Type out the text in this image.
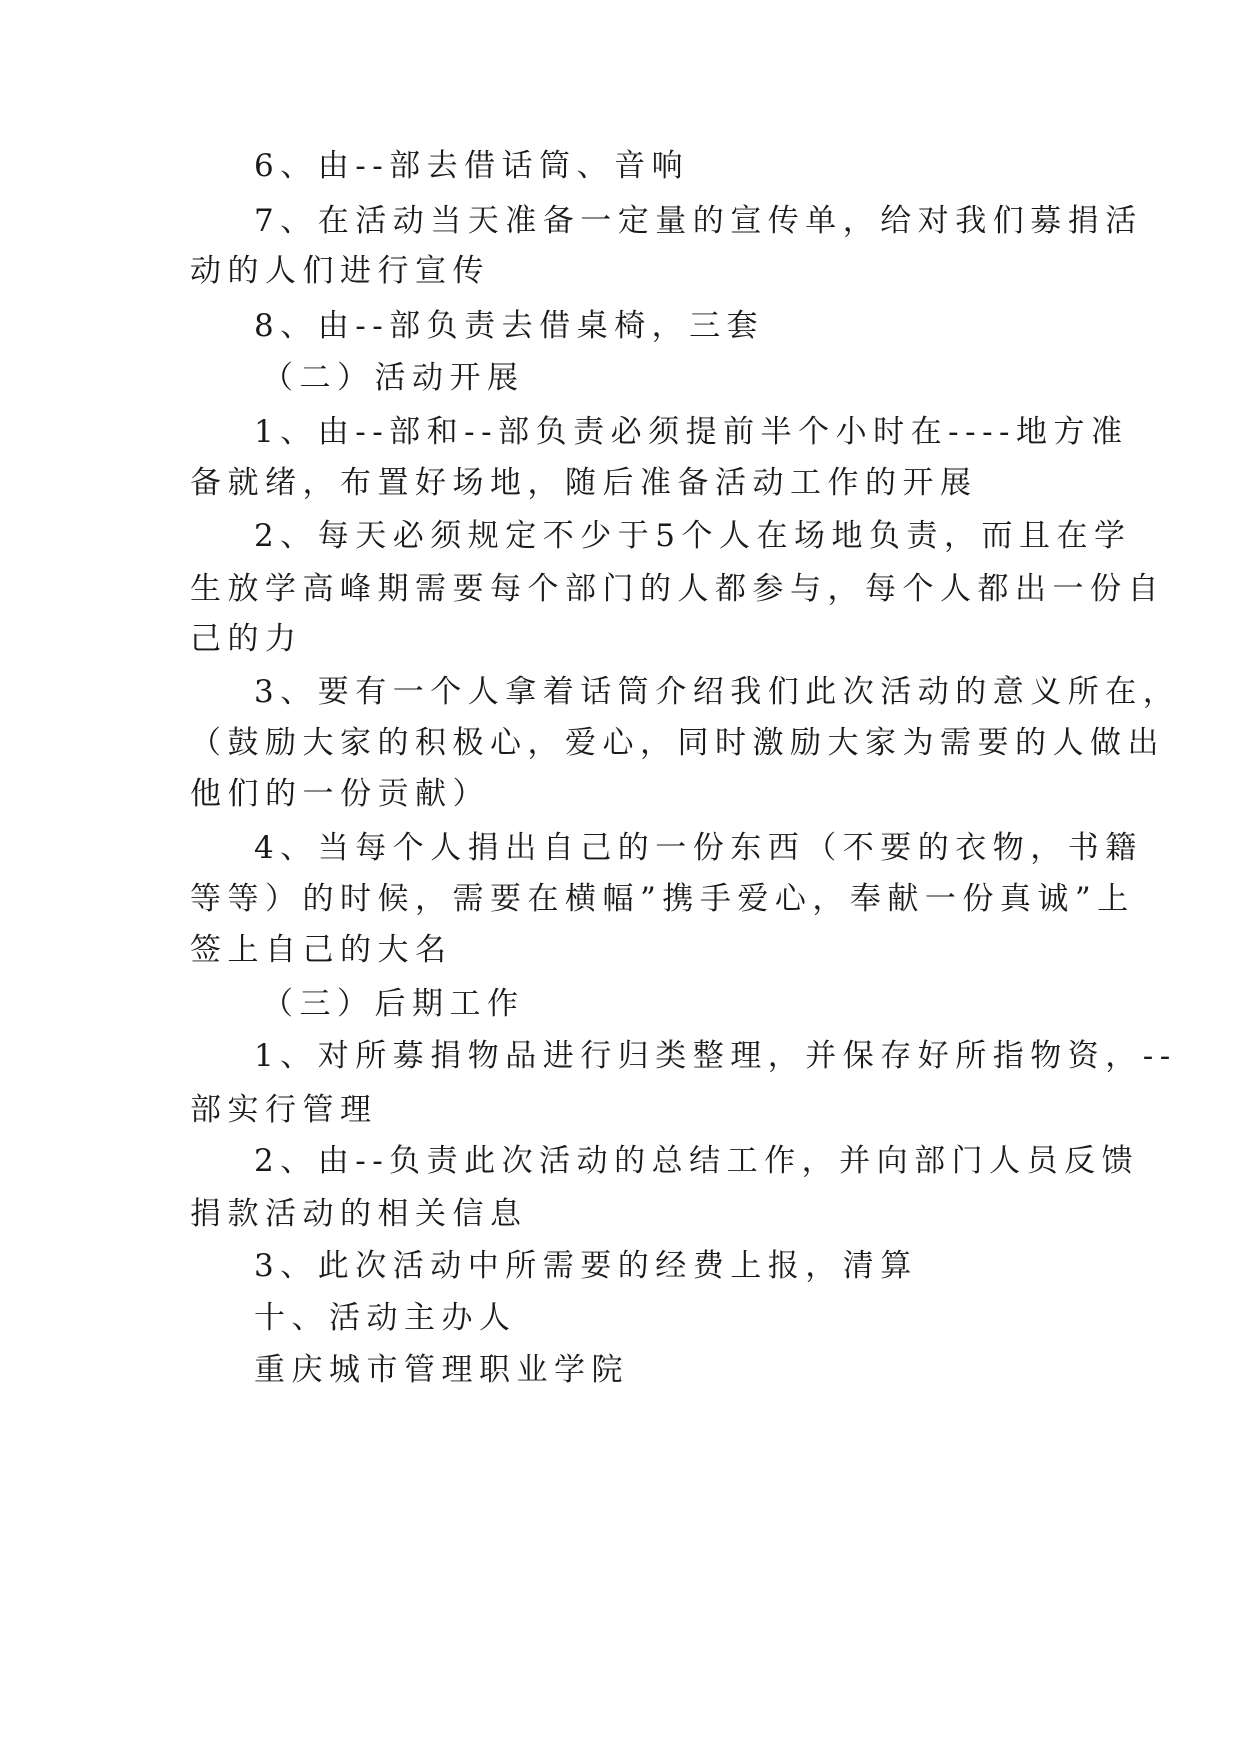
6、由--部去借话筒、音响
7、在活动当天准备一定量的宣传单，给对我们募捐活
动的人们进行宣传
8、由--部负责去借桌椅，三套
（二）活动开展
1、由--部和--部负责必须提前半个小时在----地方准
备就绪，布置好场地，随后准备活动工作的开展
2、每天必须规定不少于5个人在场地负责，而且在学
生放学高峰期需要每个部门的人都参与，每个人都出一份自
己的力
3、要有一个人拿着话筒介绍我们此次活动的意义所在，
（鼓励大家的积极心，爱心，同时激励大家为需要的人做出
他们的一份贡献）
4、当每个人捐出自己的一份东西（不要的衣物，书籍
等等）的时候，需要在横幅”携手爱心，奉献一份真诚”上
签上自己的大名
（三）后期工作
1、对所募捐物品进行归类整理，并保存好所指物资，--
部实行管理
2、由--负责此次活动的总结工作，并向部门人员反馈
捐款活动的相关信息
3、此次活动中所需要的经费上报，清算
十、活动主办人
重庆城市管理职业学院
